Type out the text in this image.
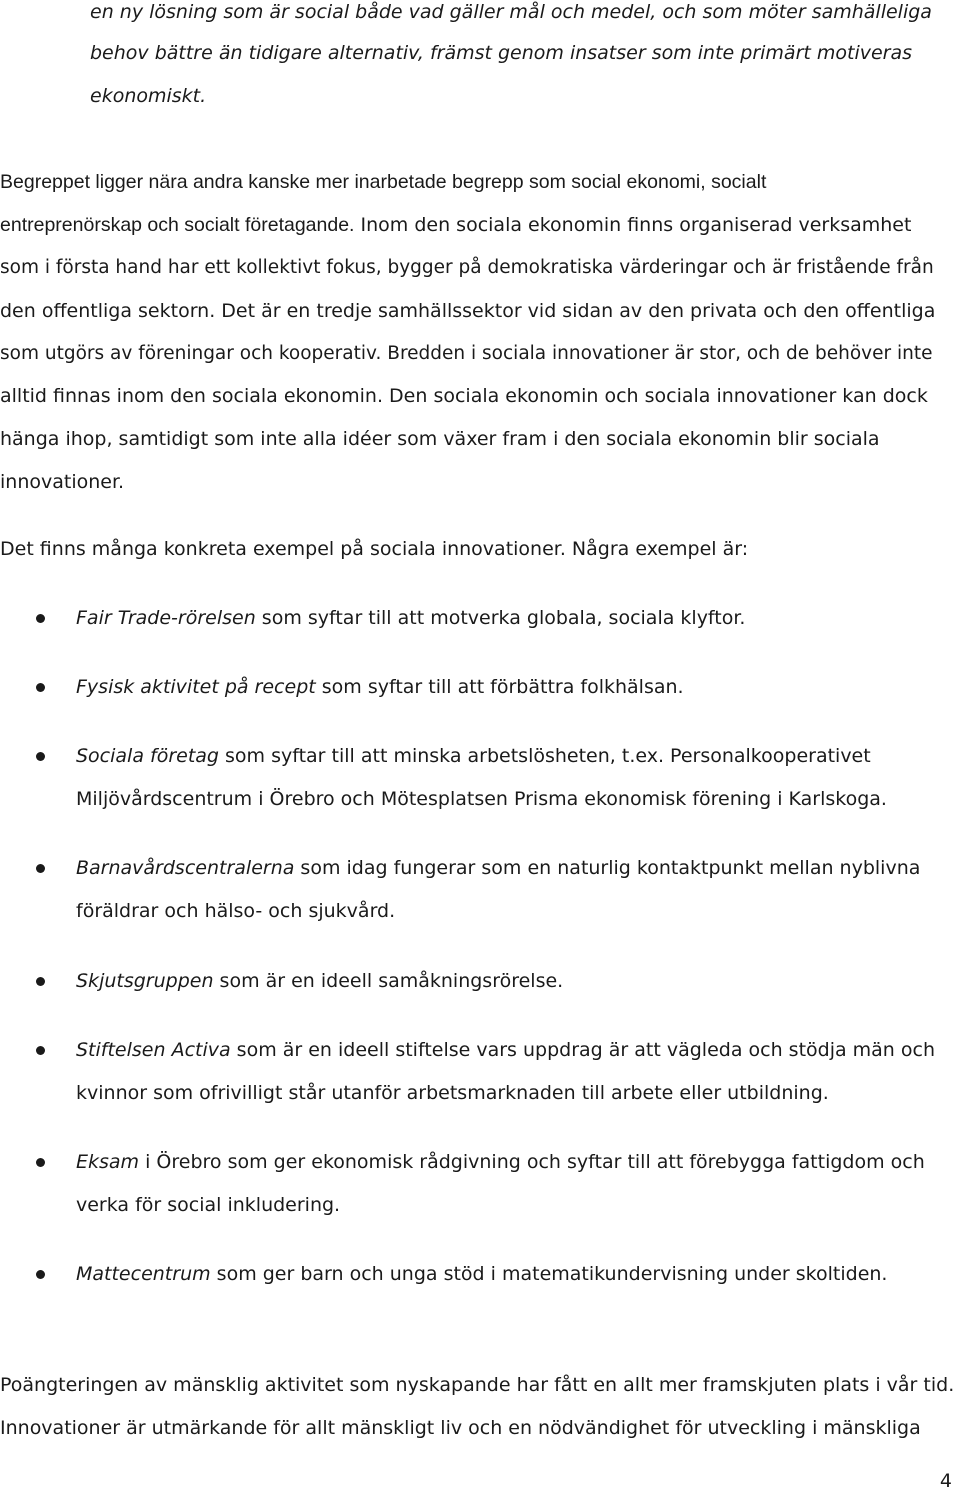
en ny lösning som är social både vad gäller mål och medel, och som möter samhälleliga
behov bättre än tidigare alternativ, främst genom insatser som inte primärt motiveras
ekonomiskt.
Begreppet ligger nära andra kanske mer inarbetade begrepp som social ekonomi, socialt
entreprenörskap och socialt företagande. Inom den sociala ekonomin finns organiserad verksamhet
som i första hand har ett kollektivt fokus, bygger på demokratiska värderingar och är fristående från
den offentliga sektorn. Det är en tredje samhällssektor vid sidan av den privata och den offentliga
som utgörs av föreningar och kooperativ. Bredden i sociala innovationer är stor, och de behöver inte
alltid finnas inom den sociala ekonomin. Den sociala ekonomin och sociala innovationer kan dock
hänga ihop, samtidigt som inte alla idéer som växer fram i den sociala ekonomin blir sociala
innovationer.
Det finns många konkreta exempel på sociala innovationer. Några exempel är:
Fair Trade-rörelsen som syftar till att motverka globala, sociala klyftor.
Fysisk aktivitet på recept som syftar till att förbättra folkhälsan.
Sociala företag som syftar till att minska arbetslösheten, t.ex. Personalkooperativet
Miljövårdscentrum i Örebro och Mötesplatsen Prisma ekonomisk förening i Karlskoga.
Barnavårdscentralerna som idag fungerar som en naturlig kontaktpunkt mellan nyblivna
föräldrar och hälso- och sjukvård.
Skjutsgruppen som är en ideell samåkningsrörelse.
Stiftelsen Activa som är en ideell stiftelse vars uppdrag är att vägleda och stödja män och
kvinnor som ofrivilligt står utanför arbetsmarknaden till arbete eller utbildning.
Eksam i Örebro som ger ekonomisk rådgivning och syftar till att förebygga fattigdom och
verka för social inkludering.
Mattecentrum som ger barn och unga stöd i matematikundervisning under skoltiden.
Poängteringen av mänsklig aktivitet som nyskapande har fått en allt mer framskjuten plats i vår tid.
Innovationer är utmärkande för allt mänskligt liv och en nödvändighet för utveckling i mänskliga
4
